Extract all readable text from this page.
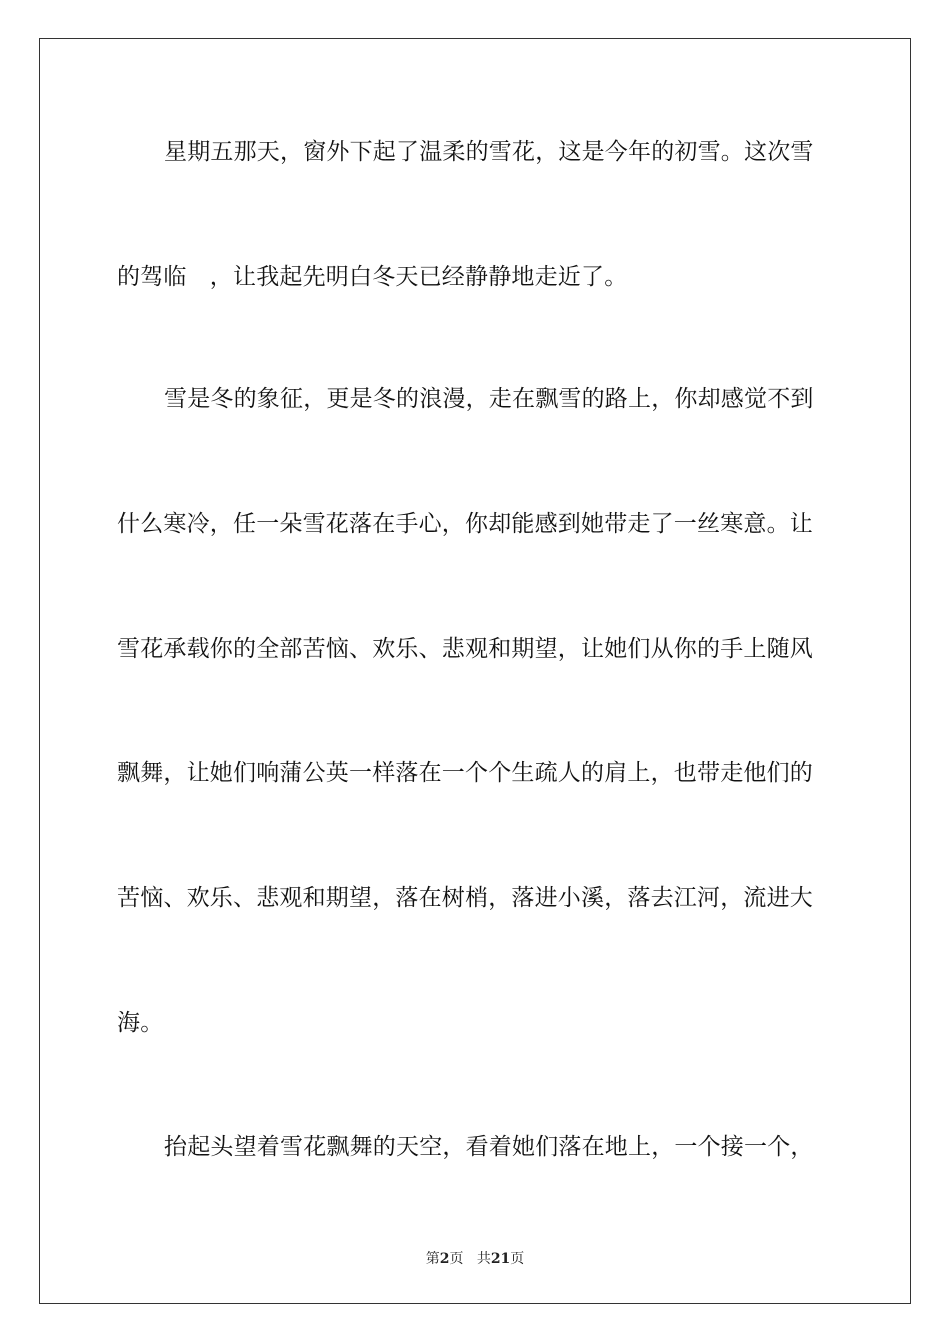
星期五那天，窗外下起了温柔的雪花，这是今年的初雪。这次雪
的驾临　，让我起先明白冬天已经静静地走近了。
雪是冬的象征，更是冬的浪漫，走在飘雪的路上，你却感觉不到
什么寒冷，任一朵雪花落在手心，你却能感到她带走了一丝寒意。让
雪花承载你的全部苦恼、欢乐、悲观和期望，让她们从你的手上随风
飘舞，让她们响蒲公英一样落在一个个生疏人的肩上，也带走他们的
苦恼、欢乐、悲观和期望，落在树梢，落进小溪，落去江河，流进大
海。
抬起头望着雪花飘舞的天空，看着她们落在地上，一个接一个，
第2页 共21页
